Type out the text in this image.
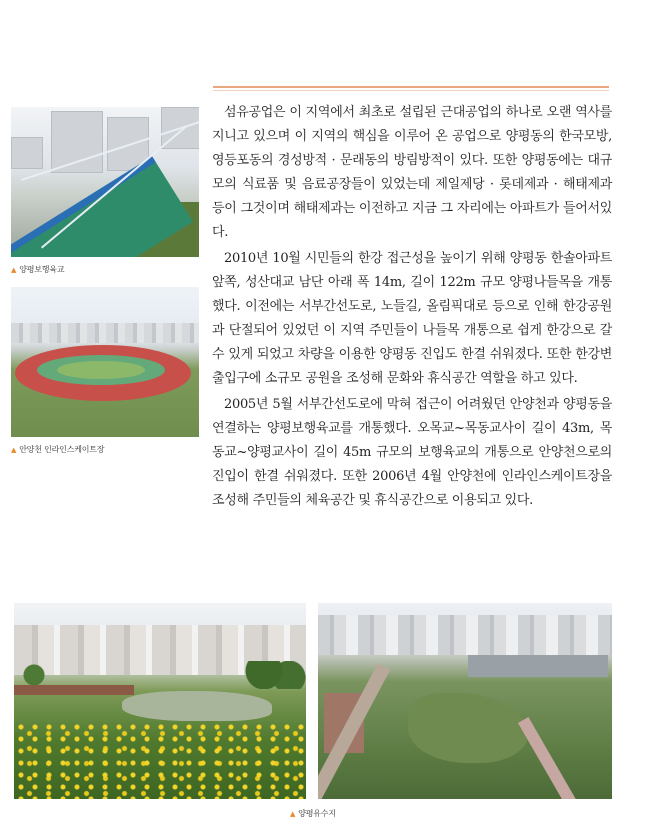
▲ 양평보행육교
▲ 안양천 인라인스케이트장

섬유공업은 이 지역에서 최초로 설립된 근대공업의 하나로 오랜 역사를 지니고 있으며 이 지역의 핵심을 이루어 온 공업으로 양평동의 한국모방, 영등포동의 경성방적 · 문래동의 방림방적이 있다. 또한 양평동에는 대규모의 식료품 및 음료공장들이 있었는데 제일제당 · 롯데제과 · 해태제과 등이 그것이며 해태제과는 이전하고 지금 그 자리에는 아파트가 들어서있다.

2010년 10월 시민들의 한강 접근성을 높이기 위해 양평동 한솔아파트 앞쪽, 성산대교 남단 아래 폭 14m, 길이 122m 규모 양평나들목을 개통했다. 이전에는 서부간선도로, 노들길, 올림픽대로 등으로 인해 한강공원과 단절되어 있었던 이 지역 주민들이 나들목 개통으로 쉽게 한강으로 갈 수 있게 되었고 차량을 이용한 양평동 진입도 한결 쉬워졌다. 또한 한강변 출입구에 소규모 공원을 조성해 문화와 휴식공간 역할을 하고 있다.

2005년 5월 서부간선도로에 막혀 접근이 어려웠던 안양천과 양평동을 연결하는 양평보행육교를 개통했다. 오목교~목동교사이 길이 43m, 목동교~양평교사이 길이 45m 규모의 보행육교의 개통으로 안양천으로의 진입이 한결 쉬워졌다. 또한 2006년 4월 안양천에 인라인스케이트장을 조성해 주민들의 체육공간 및 휴식공간으로 이용되고 있다.

▲ 양평유수지
